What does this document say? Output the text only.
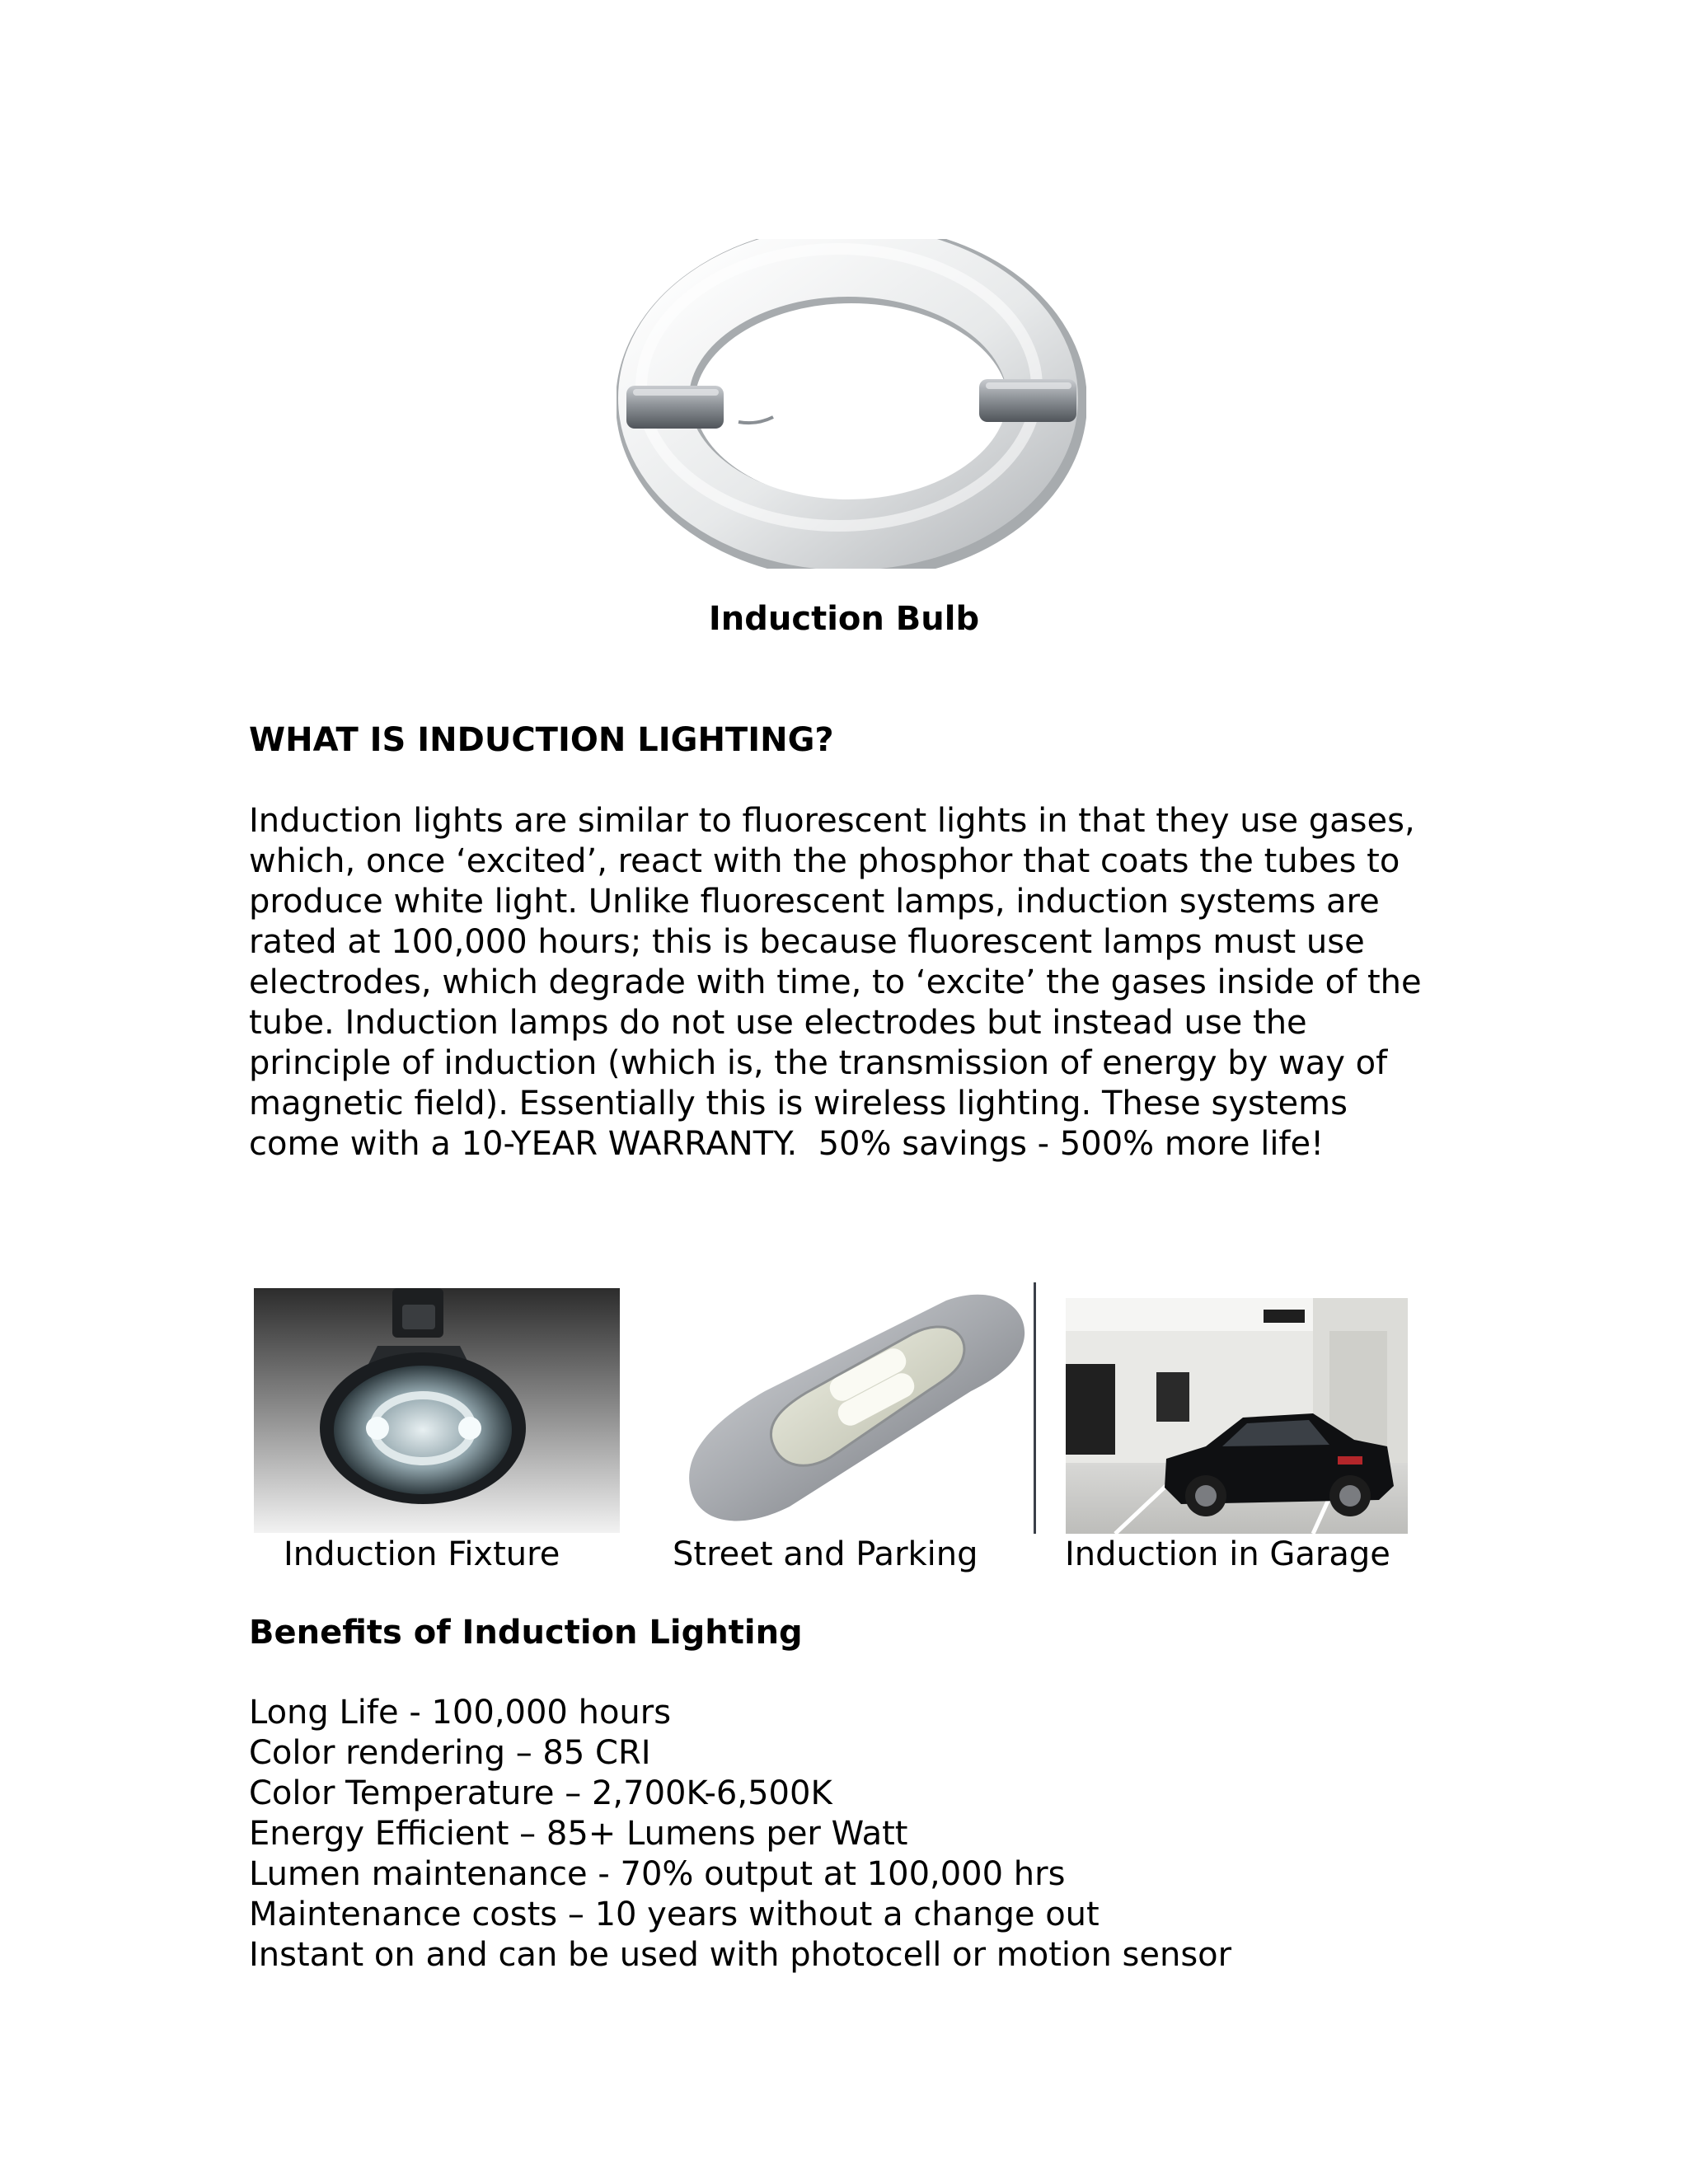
Induction Bulb
WHAT IS INDUCTION LIGHTING?
Induction lights are similar to fluorescent lights in that they use gases,
which, once ‘excited’, react with the phosphor that coats the tubes to
produce white light. Unlike fluorescent lamps, induction systems are
rated at 100,000 hours; this is because fluorescent lamps must use
electrodes, which degrade with time, to ‘excite’ the gases inside of the
tube. Induction lamps do not use electrodes but instead use the
principle of induction (which is, the transmission of energy by way of
magnetic field). Essentially this is wireless lighting. These systems
come with a 10-YEAR WARRANTY.  50% savings - 500% more life!
Induction Fixture	Street and Parking	Induction in Garage
Benefits of Induction Lighting
Long Life - 100,000 hours
Color rendering – 85 CRI
Color Temperature – 2,700K-6,500K
Energy Efficient – 85+ Lumens per Watt
Lumen maintenance - 70% output at 100,000 hrs
Maintenance costs – 10 years without a change out
Instant on and can be used with photocell or motion sensor
